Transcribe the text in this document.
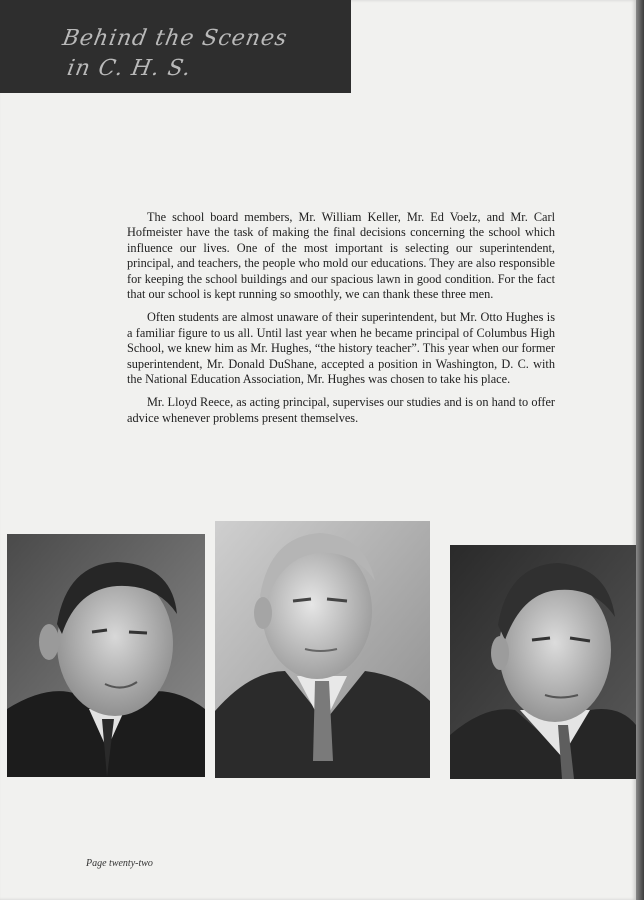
Behind the Scenes
in C. H. S.

The school board members, Mr. William Keller, Mr. Ed Voelz, and Mr. Carl Hofmeister have the task of making the final decisions concerning the school which influence our lives. One of the most important is selecting our superintendent, principal, and teachers, the people who mold our educations. They are also responsible for keeping the school buildings and our spacious lawn in good condition. For the fact that our school is kept running so smoothly, we can thank these three men.

Often students are almost unaware of their superintendent, but Mr. Otto Hughes is a familiar figure to us all. Until last year when he became principal of Columbus High School, we knew him as Mr. Hughes, “the history teacher”. This year when our former superintendent, Mr. Donald DuShane, accepted a position in Washington, D. C. with the National Education Association, Mr. Hughes was chosen to take his place.

Mr. Lloyd Reece, as acting principal, supervises our studies and is on hand to offer advice whenever problems present themselves.

Page twenty-two
